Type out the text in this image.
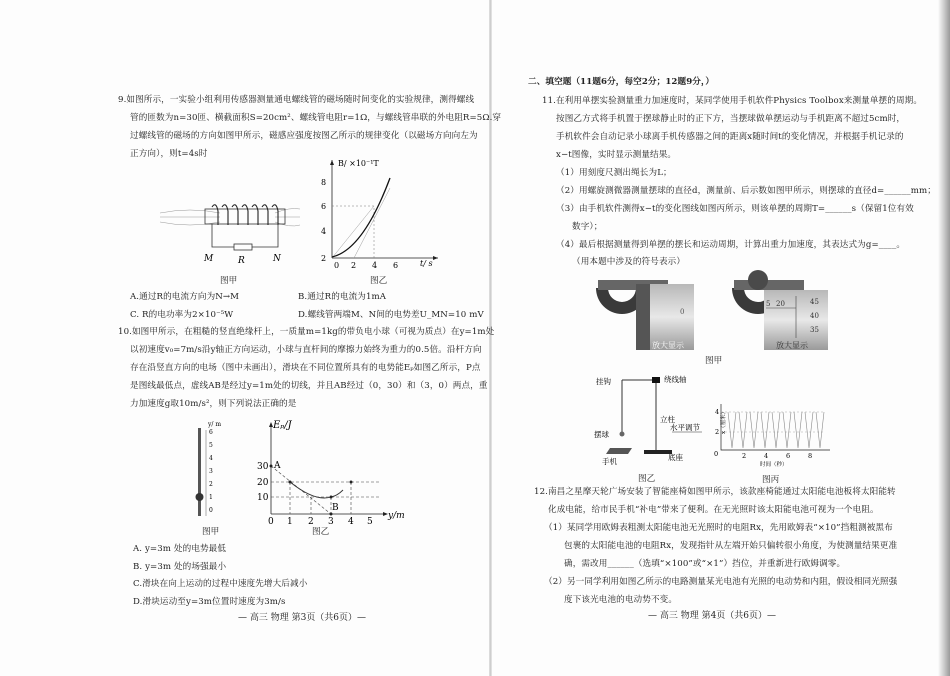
9.如图所示，一实验小组利用传感器测量通电螺线管的磁场随时间变化的实验规律，测得螺线
管的匝数为n=30匝、横截面积S=20cm²、螺线管电阻r=1Ω，与螺线管串联的外电阻R=5Ω.穿
过螺线管的磁场的方向如图甲所示，磁感应强度按图乙所示的规律变化（以磁场方向向左为
正方向），则t=4s时
M	R	N
图甲
B/ ×10⁻¹T
2
4
6
8
0 2 4 6	t/ s
图乙
A.通过R的电流方向为N→M	B.通过R的电流为1mA
C. R的电功率为2×10⁻⁵W	D.螺线管两端M、N间的电势差U_MN=10 mV
10.如图甲所示，在粗糙的竖直绝缘杆上，一质量m=1kg的带负电小球（可视为质点）在y=1m处
以初速度v₀=7m/s沿y轴正方向运动，小球与直杆间的摩擦力始终为重力的0.5倍。沿杆方向
存在沿竖直方向的电场（图中未画出），滑块在不同位置所具有的电势能Eₚ如图乙所示，P点
是图线最低点，虚线AB是经过y=1m处的切线，并且AB经过（0，30）和（3，0）两点，重
力加速度g取10m/s²，则下列说法正确的是
y/ m
0
1
2
3
4
5
6
图甲
Eₚ/J
10
20
30 A
B
0 1 2 3 4 5
y/m
图乙
A. y=3m 处的电势最低
B. y=3m 处的场强最小
C.滑块在向上运动的过程中速度先增大后减小
D.滑块运动至y=3m位置时速度为3m/s
— 高三 物理 第3页（共6页）—
二、填空题（11题6分，每空2分；12题9分，）
11.在利用单摆实验测量重力加速度时，某同学使用手机软件Physics Toolbox来测量单摆的周期。
按图乙方式将手机置于摆球静止时的正下方，当摆球做单摆运动与手机距离不超过5cm时，
手机软件会自动记录小球离手机传感器之间的距离x随时间t的变化情况，并根据手机记录的
x−t图像，实时显示测量结果。
（1）用刻度尺测出绳长为L；
（2）用螺旋测微器测量摆球的直径d，测量前、后示数如图甲所示，则摆球的直径d=______mm；
（3）由手机软件测得x−t的变化图线如图丙所示，则该单摆的周期T=______s（保留1位有效
数字）；
（4）最后根据测量得到单摆的摆长和运动周期，计算出重力加速度，其表达式为g=____。
（用本题中涉及的符号表示）
放大显示
0
5 20	45
40
35
放大显示
图甲
挂钩	绕线轴
立柱
水平调节
摆球
底座
手机
图乙
x（厘米）
0
2
4
2	4	6	8
时间（秒）
图丙
12.南昌之星摩天轮广场安装了智能座椅如图甲所示，该款座椅能通过太阳能电池板将太阳能转
化成电能，给市民手机“补电”带来了便利。在无光照时该太阳能电池可视为一个电阻。
（1）某同学用欧姆表粗测太阳能电池无光照时的电阻Rx，先用欧姆表“×10”挡粗测被黑布
包裹的太阳能电池的电阻Rx，发现指针从左端开始只偏转很小角度，为使测量结果更准
确，需改用______（选填“×100”或“×1”）挡位，并重新进行欧姆调零。
（2）另一同学利用如图乙所示的电路测量某光电池有光照的电动势和内阻，假设相同光照强
度下该光电池的电动势不变。
— 高三 物理 第4页（共6页）—
